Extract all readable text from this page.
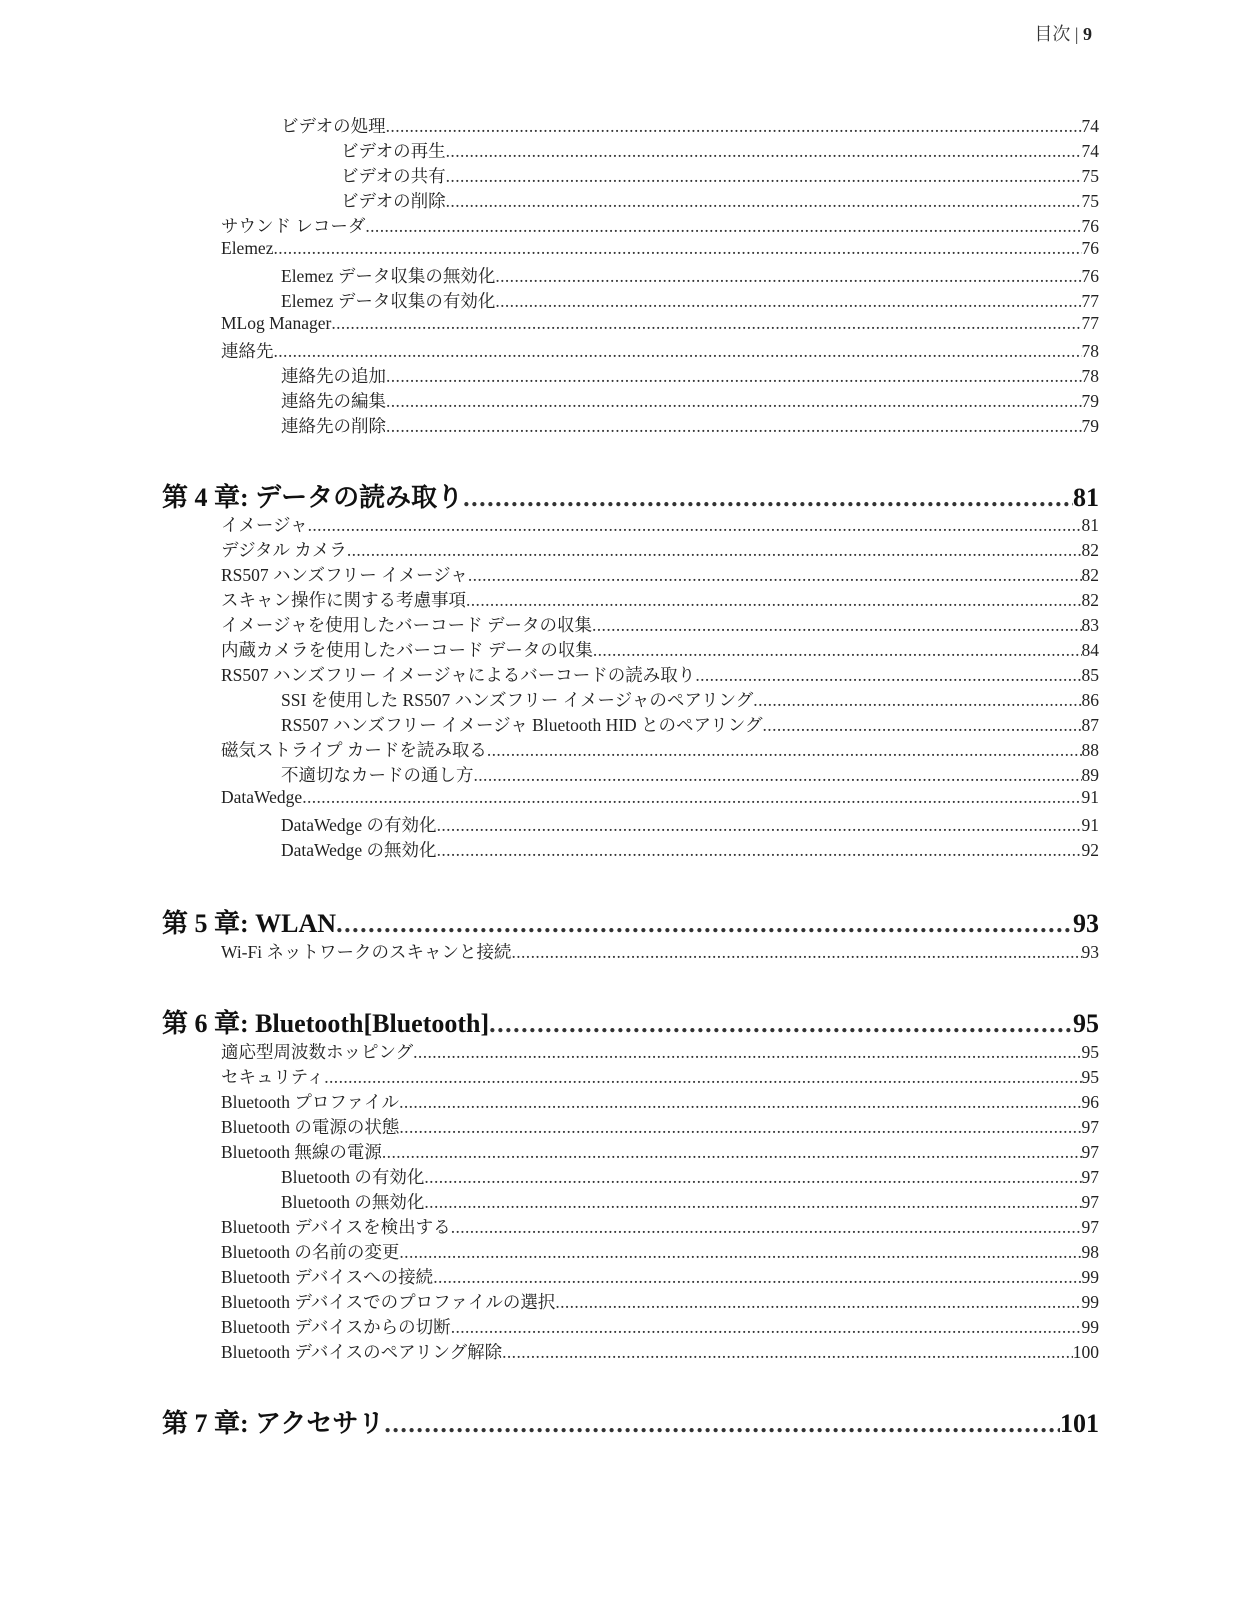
目次 | 9
ビデオの処理 .....	74
ビデオの再生 .....	74
ビデオの共有 .....	75
ビデオの削除 .....	75
サウンド レコーダ .....	76
Elemez .....	76
Elemez データ収集の無効化 .....	76
Elemez データ収集の有効化 .....	77
MLog Manager .....	77
連絡先 .....	78
連絡先の追加 .....	78
連絡先の編集 .....	79
連絡先の削除 .....	79
第 4 章: データの読み取り .....	81
イメージャ .....	81
デジタル カメラ .....	82
RS507 ハンズフリー イメージャ .....	82
スキャン操作に関する考慮事項 .....	82
イメージャを使用したバーコード データの収集 .....	83
内蔵カメラを使用したバーコード データの収集 .....	84
RS507 ハンズフリー イメージャによるバーコードの読み取り .....	85
SSI を使用した RS507 ハンズフリー イメージャのペアリング .....	86
RS507 ハンズフリー イメージャ Bluetooth HID とのペアリング .....	87
磁気ストライプ カードを読み取る .....	88
不適切なカードの通し方 .....	89
DataWedge .....	91
DataWedge の有効化 .....	91
DataWedge の無効化 .....	92
第 5 章: WLAN .....	93
Wi-Fi ネットワークのスキャンと接続 .....	93
第 6 章: Bluetooth[Bluetooth] .....	95
適応型周波数ホッピング .....	95
セキュリティ .....	95
Bluetooth プロファイル .....	96
Bluetooth の電源の状態 .....	97
Bluetooth 無線の電源 .....	97
Bluetooth の有効化 .....	97
Bluetooth の無効化 .....	97
Bluetooth デバイスを検出する .....	97
Bluetooth の名前の変更 .....	98
Bluetooth デバイスへの接続 .....	99
Bluetooth デバイスでのプロファイルの選択 .....	99
Bluetooth デバイスからの切断 .....	99
Bluetooth デバイスのペアリング解除 .....	100
第 7 章: アクセサリ .....	101
